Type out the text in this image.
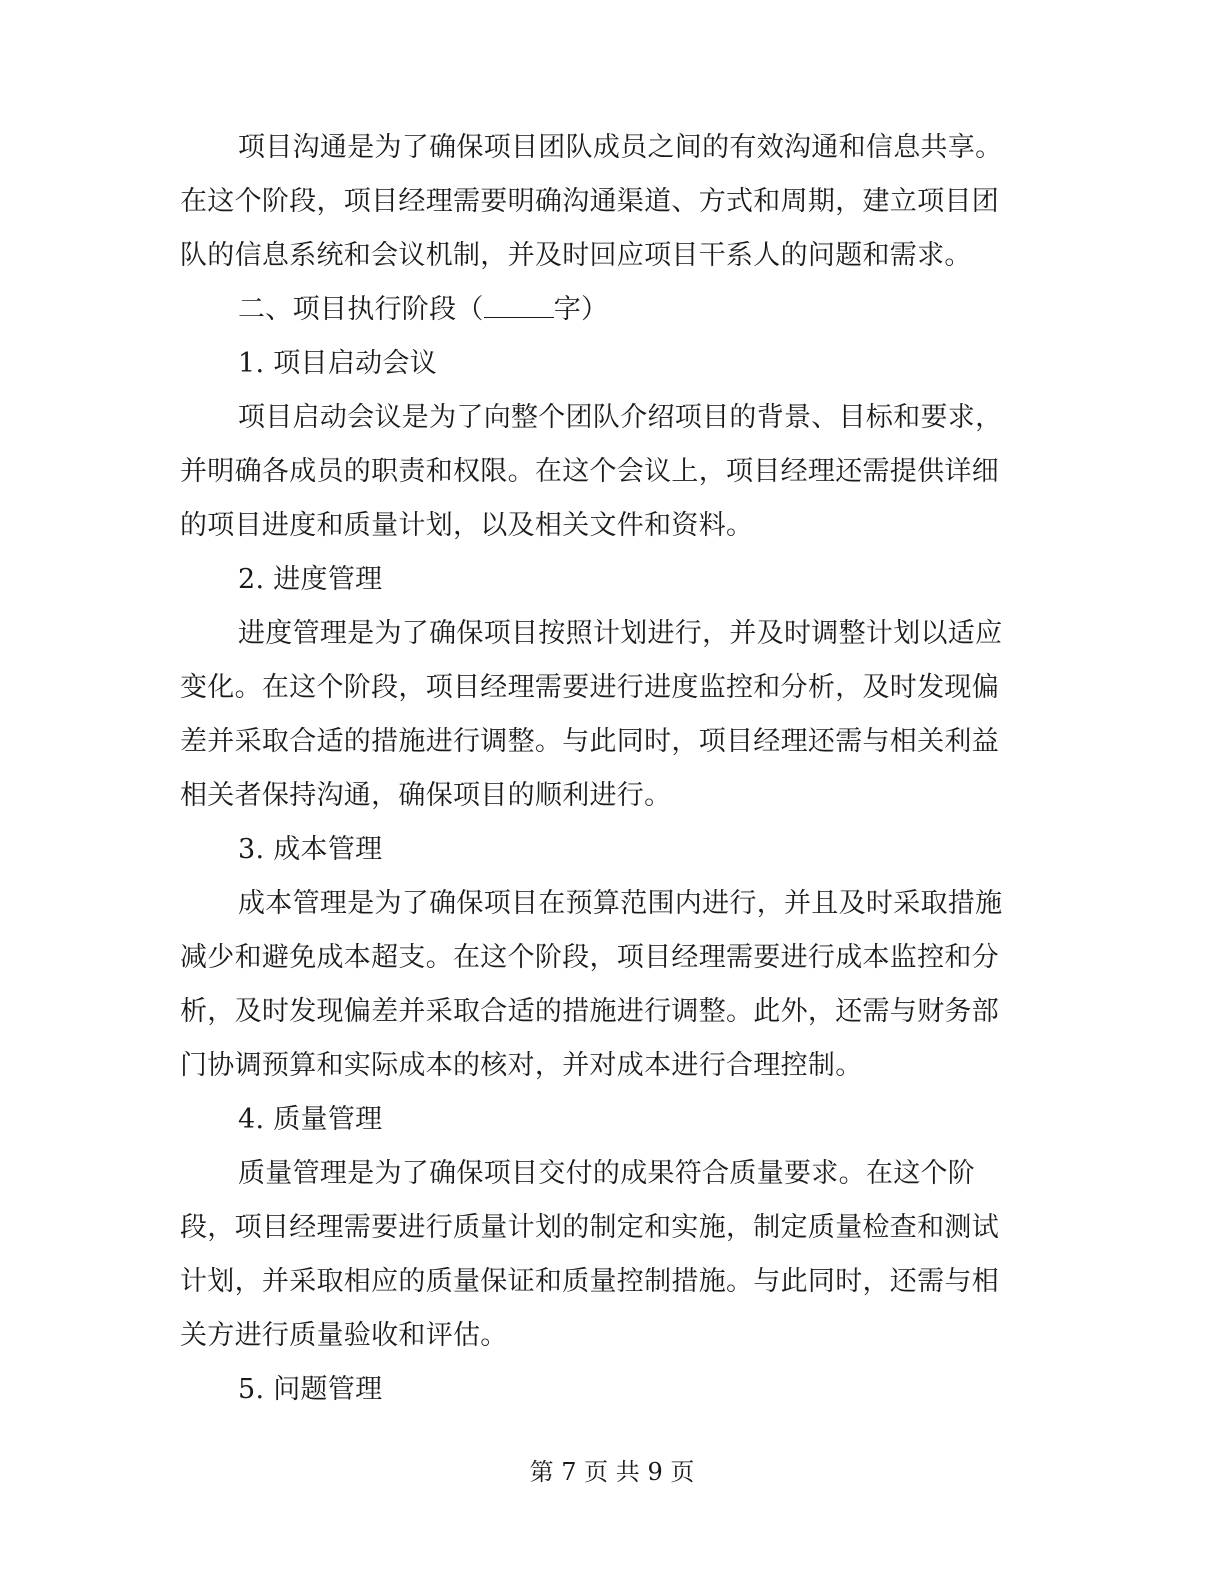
项目沟通是为了确保项目团队成员之间的有效沟通和信息共享。
在这个阶段，项目经理需要明确沟通渠道、方式和周期，建立项目团
队的信息系统和会议机制，并及时回应项目干系人的问题和需求。
二、项目执行阶段（	字）
1. 项目启动会议
项目启动会议是为了向整个团队介绍项目的背景、目标和要求，
并明确各成员的职责和权限。在这个会议上，项目经理还需提供详细
的项目进度和质量计划，以及相关文件和资料。
2. 进度管理
进度管理是为了确保项目按照计划进行，并及时调整计划以适应
变化。在这个阶段，项目经理需要进行进度监控和分析，及时发现偏
差并采取合适的措施进行调整。与此同时，项目经理还需与相关利益
相关者保持沟通，确保项目的顺利进行。
3. 成本管理
成本管理是为了确保项目在预算范围内进行，并且及时采取措施
减少和避免成本超支。在这个阶段，项目经理需要进行成本监控和分
析，及时发现偏差并采取合适的措施进行调整。此外，还需与财务部
门协调预算和实际成本的核对，并对成本进行合理控制。
4. 质量管理
质量管理是为了确保项目交付的成果符合质量要求。在这个阶
段，项目经理需要进行质量计划的制定和实施，制定质量检查和测试
计划，并采取相应的质量保证和质量控制措施。与此同时，还需与相
关方进行质量验收和评估。
5. 问题管理
第 7 页 共 9 页
